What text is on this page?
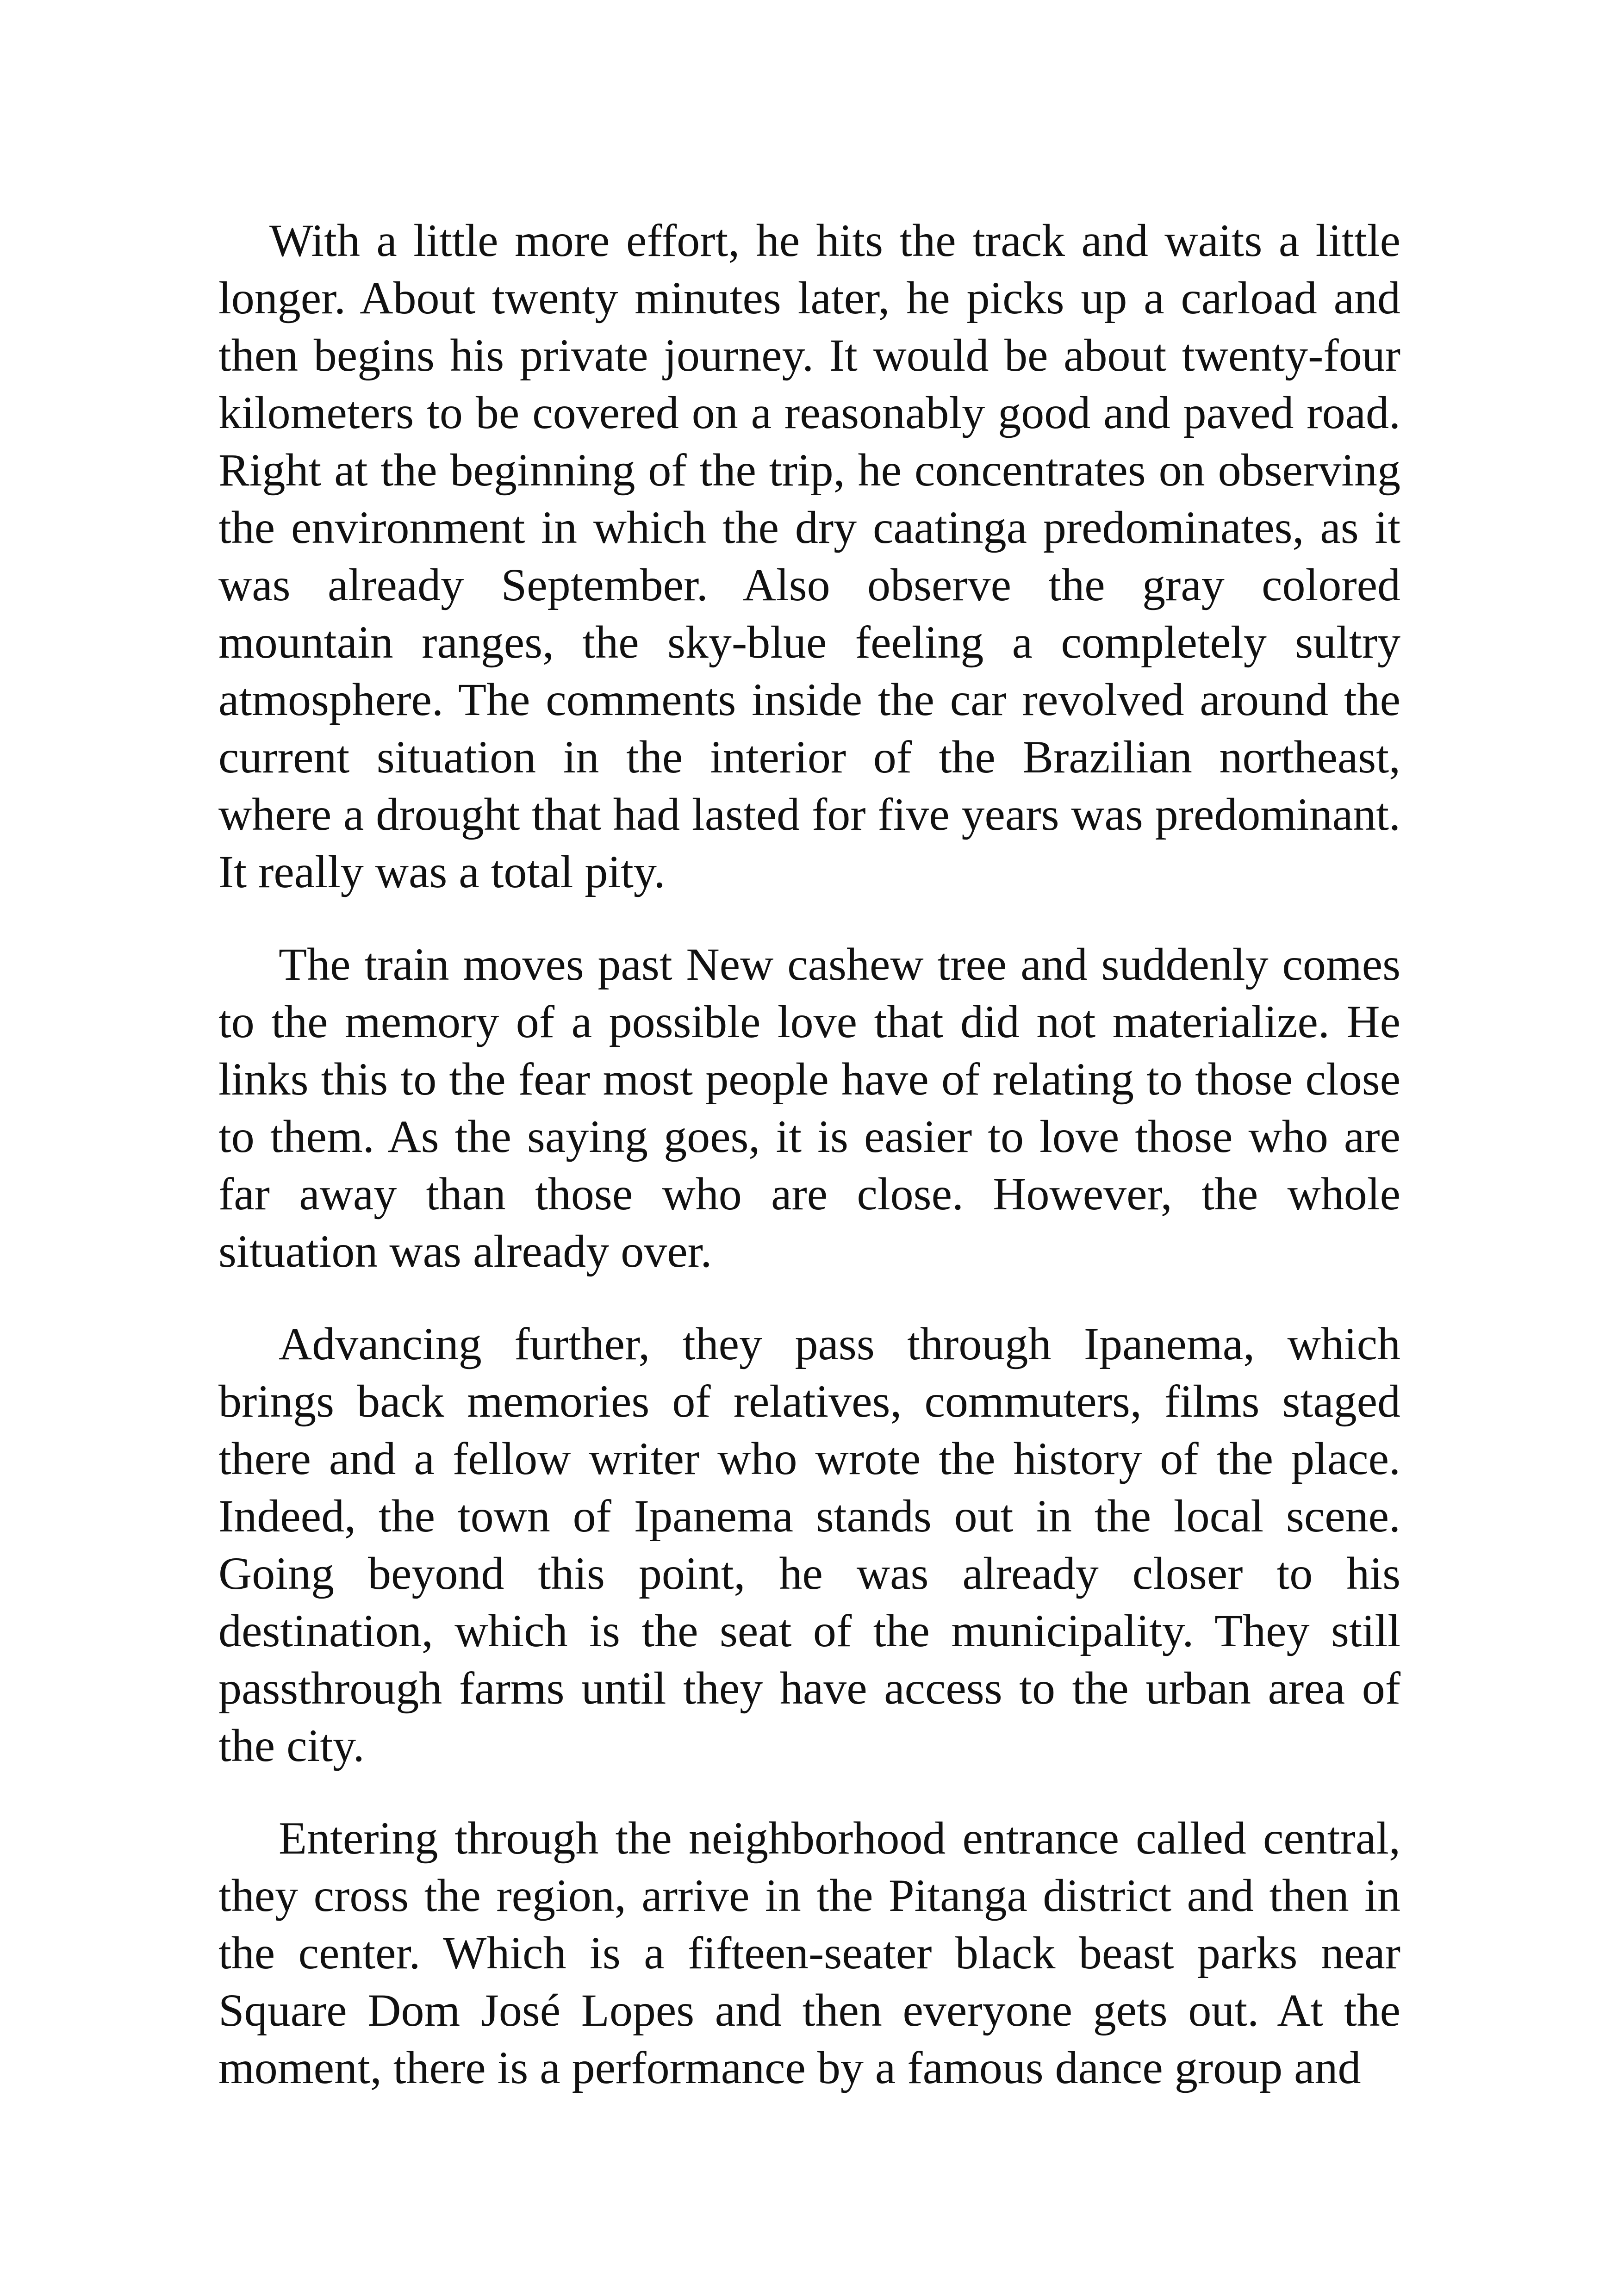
With a little more effort, he hits the track and waits a little longer. About twenty minutes later, he picks up a carload and then begins his private journey. It would be about twenty-four kilometers to be covered on a reasonably good and paved road. Right at the beginning of the trip, he concentrates on observing the environment in which the dry caatinga predominates, as it was already September. Also observe the gray colored mountain ranges, the sky-blue feeling a completely sultry atmosphere. The comments inside the car revolved around the current situation in the interior of the Brazilian northeast, where a drought that had lasted for five years was predominant. It really was a total pity.

The train moves past New cashew tree and suddenly comes to the memory of a possible love that did not materialize. He links this to the fear most people have of relating to those close to them. As the saying goes, it is easier to love those who are far away than those who are close. However, the whole situation was already over.

Advancing further, they pass through Ipanema, which brings back memories of relatives, commuters, films staged there and a fellow writer who wrote the history of the place. Indeed, the town of Ipanema stands out in the local scene. Going beyond this point, he was already closer to his destination, which is the seat of the municipality. They still passthrough farms until they have access to the urban area of the city.

Entering through the neighborhood entrance called central, they cross the region, arrive in the Pitanga district and then in the center. Which is a fifteen-seater black beast parks near Square Dom José Lopes and then everyone gets out. At the moment, there is a performance by a famous dance group and
